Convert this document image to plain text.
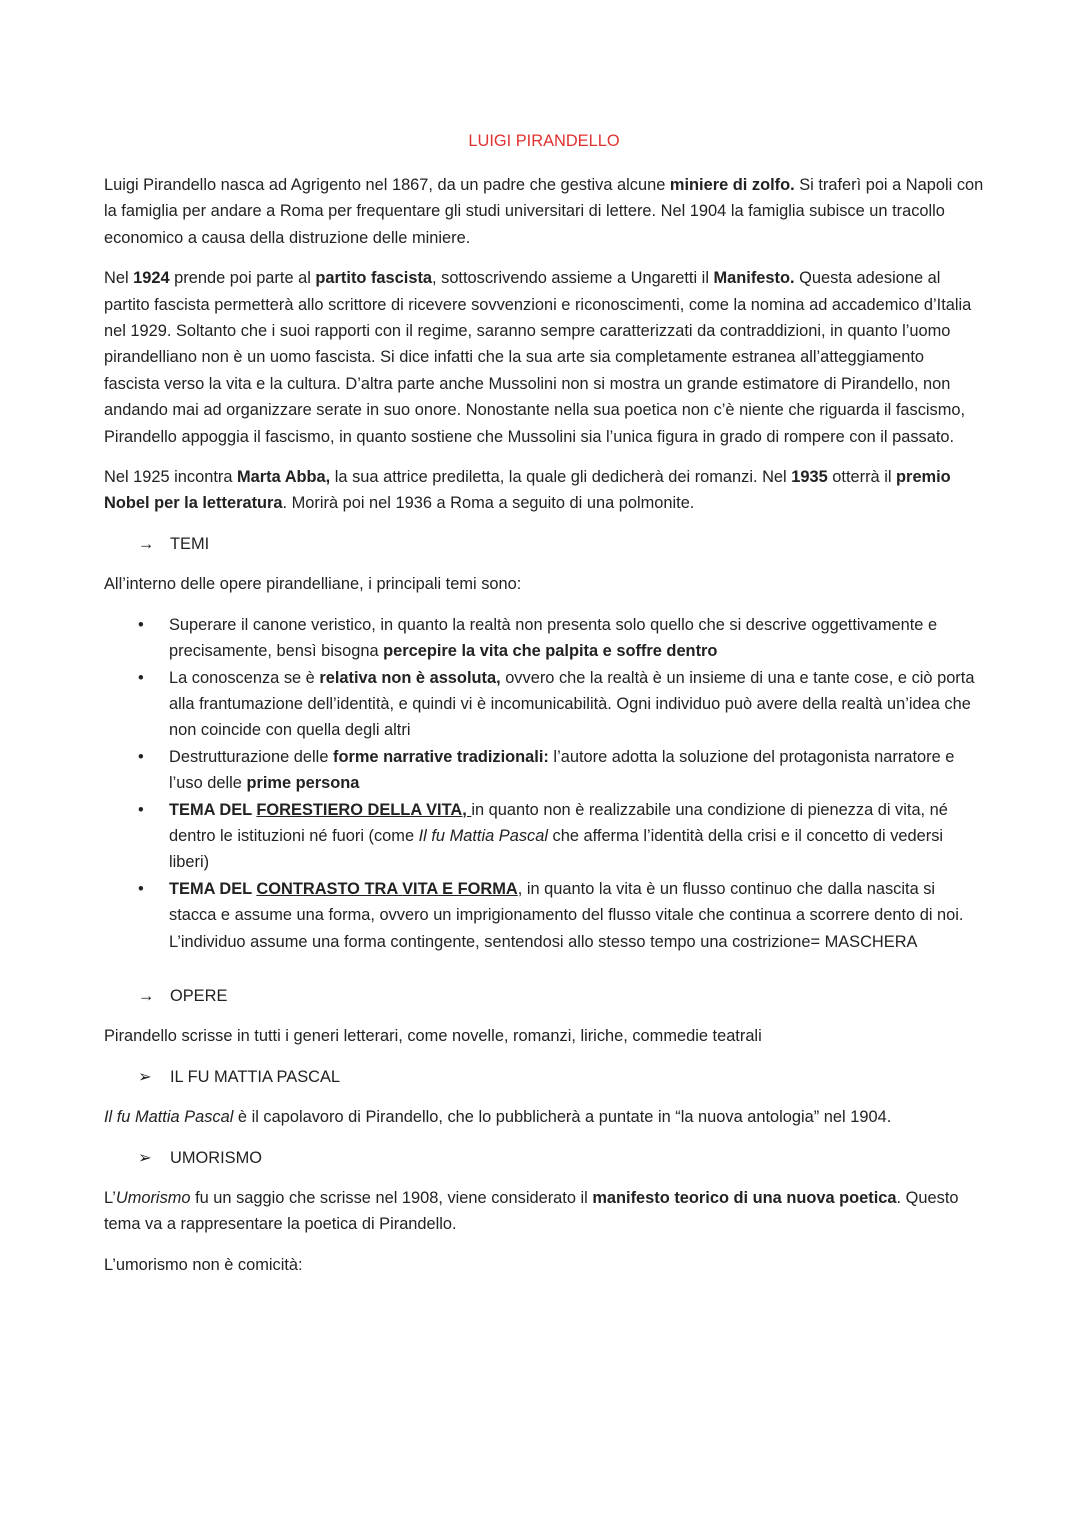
LUIGI PIRANDELLO

Luigi Pirandello nasca ad Agrigento nel 1867, da un padre che gestiva alcune miniere di zolfo. Si traferì poi a Napoli con la famiglia per andare a Roma per frequentare gli studi universitari di lettere. Nel 1904 la famiglia subisce un tracollo economico a causa della distruzione delle miniere.

Nel 1924 prende poi parte al partito fascista, sottoscrivendo assieme a Ungaretti il Manifesto. Questa adesione al partito fascista permetterà allo scrittore di ricevere sovvenzioni e riconoscimenti, come la nomina ad accademico d’Italia nel 1929. Soltanto che i suoi rapporti con il regime, saranno sempre caratterizzati da contraddizioni, in quanto l’uomo pirandelliano non è un uomo fascista. Si dice infatti che la sua arte sia completamente estranea all’atteggiamento fascista verso la vita e la cultura. D’altra parte anche Mussolini non si mostra un grande estimatore di Pirandello, non andando mai ad organizzare serate in suo onore. Nonostante nella sua poetica non c’è niente che riguarda il fascismo, Pirandello appoggia il fascismo, in quanto sostiene che Mussolini sia l’unica figura in grado di rompere con il passato.

Nel 1925 incontra Marta Abba, la sua attrice prediletta, la quale gli dedicherà dei romanzi. Nel 1935 otterrà il premio Nobel per la letteratura. Morirà poi nel 1936 a Roma a seguito di una polmonite.

→ TEMI

All’interno delle opere pirandelliane, i principali temi sono:

• Superare il canone veristico, in quanto la realtà non presenta solo quello che si descrive oggettivamente e precisamente, bensì bisogna percepire la vita che palpita e soffre dentro
• La conoscenza se è relativa non è assoluta, ovvero che la realtà è un insieme di una e tante cose, e ciò porta alla frantumazione dell’identità, e quindi vi è incomunicabilità. Ogni individuo può avere della realtà un’idea che non coincide con quella degli altri
• Destrutturazione delle forme narrative tradizionali: l’autore adotta la soluzione del protagonista narratore e l’uso delle prime persona
• TEMA DEL FORESTIERO DELLA VITA, in quanto non è realizzabile una condizione di pienezza di vita, né dentro le istituzioni né fuori (come Il fu Mattia Pascal che afferma l’identità della crisi e il concetto di vedersi liberi)
• TEMA DEL CONTRASTO TRA VITA E FORMA, in quanto la vita è un flusso continuo che dalla nascita si stacca e assume una forma, ovvero un imprigionamento del flusso vitale che continua a scorrere dento di noi. L’individuo assume una forma contingente, sentendosi allo stesso tempo una costrizione= MASCHERA
→ OPERE

Pirandello scrisse in tutti i generi letterari, come novelle, romanzi, liriche, commedie teatrali

➢	IL FU MATTIA PASCAL

Il fu Mattia Pascal è il capolavoro di Pirandello, che lo pubblicherà a puntate in “la nuova antologia” nel 1904.

➢	UMORISMO

L’Umorismo fu un saggio che scrisse nel 1908, viene considerato il manifesto teorico di una nuova poetica. Questo tema va a rappresentare la poetica di Pirandello.

L’umorismo non è comicità:
